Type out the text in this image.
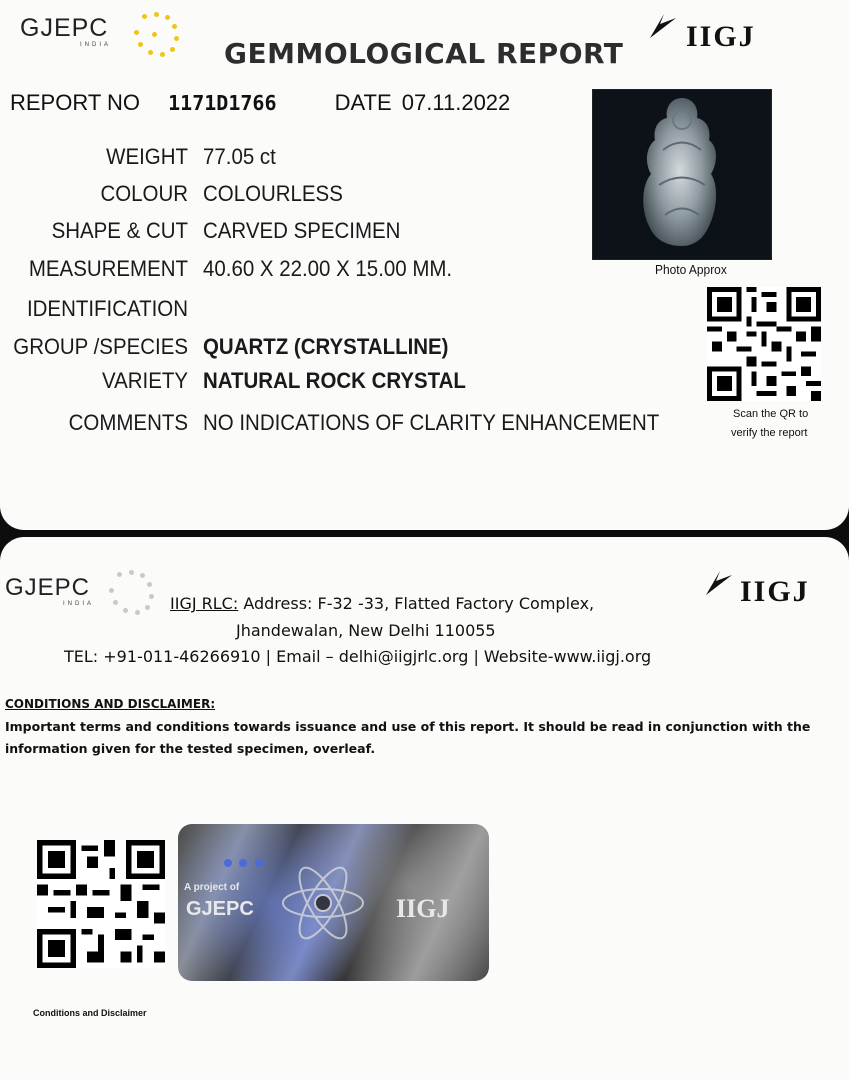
GJEPC
INDIA	IIGJ
GEMMOLOGICAL REPORT
REPORT NO 1171D1766	DATE 07.11.2022
WEIGHT 77.05 ct
COLOUR COLOURLESS
SHAPE & CUT CARVED SPECIMEN
MEASUREMENT 40.60 X 22.00 X 15.00 MM.
IDENTIFICATION
GROUP /SPECIES QUARTZ (CRYSTALLINE)
VARIETY NATURAL ROCK CRYSTAL
COMMENTS NO INDICATIONS OF CLARITY ENHANCEMENT
Photo Approx
Scan the QR to
verify the report
GJEPC
INDIA	IIGJ
IIGJ RLC: Address: F-32 -33, Flatted Factory Complex,
Jhandewalan, New Delhi 110055
TEL: +91-011-46266910 | Email – delhi@iigjrlc.org | Website-www.iigj.org
CONDITIONS AND DISCLAIMER:
Important terms and conditions towards issuance and use of this report. It should be read in conjunction with the information given for the tested specimen, overleaf.
Conditions and Disclaimer
A project of
GJEPC	IIGJ
